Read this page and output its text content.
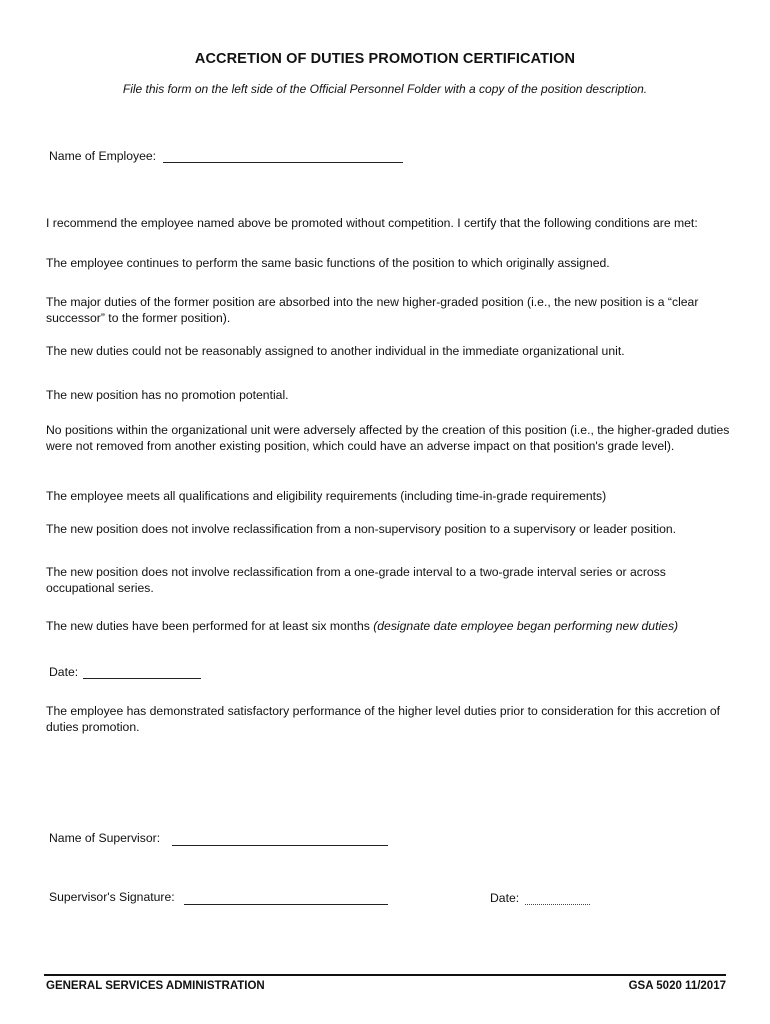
ACCRETION OF DUTIES PROMOTION CERTIFICATION
File this form on the left side of the Official Personnel Folder with a copy of the position description.
Name of Employee:
I recommend the employee named above be promoted without competition. I certify that the following conditions are met:
The employee continues to perform the same basic functions of the position to which originally assigned.
The major duties of the former position are absorbed into the new higher-graded position (i.e., the new position is a “clear successor” to the former position).
The new duties could not be reasonably assigned to another individual in the immediate organizational unit.
The new position has no promotion potential.
No positions within the organizational unit were adversely affected by the creation of this position (i.e., the higher-graded duties were not removed from another existing position, which could have an adverse impact on that position's grade level).
The employee meets all qualifications and eligibility requirements (including time-in-grade requirements)
The new position does not involve reclassification from a non-supervisory position to a supervisory or leader position.
The new position does not involve reclassification from a one-grade interval to a two-grade interval series or across occupational series.
The new duties have been performed for at least six months (designate date employee began performing new duties)
Date:
The employee has demonstrated satisfactory performance of the higher level duties prior to consideration for this accretion of duties promotion.
Name of Supervisor:
Supervisor's Signature:	Date:
GENERAL SERVICES ADMINISTRATION	GSA 5020 11/2017
